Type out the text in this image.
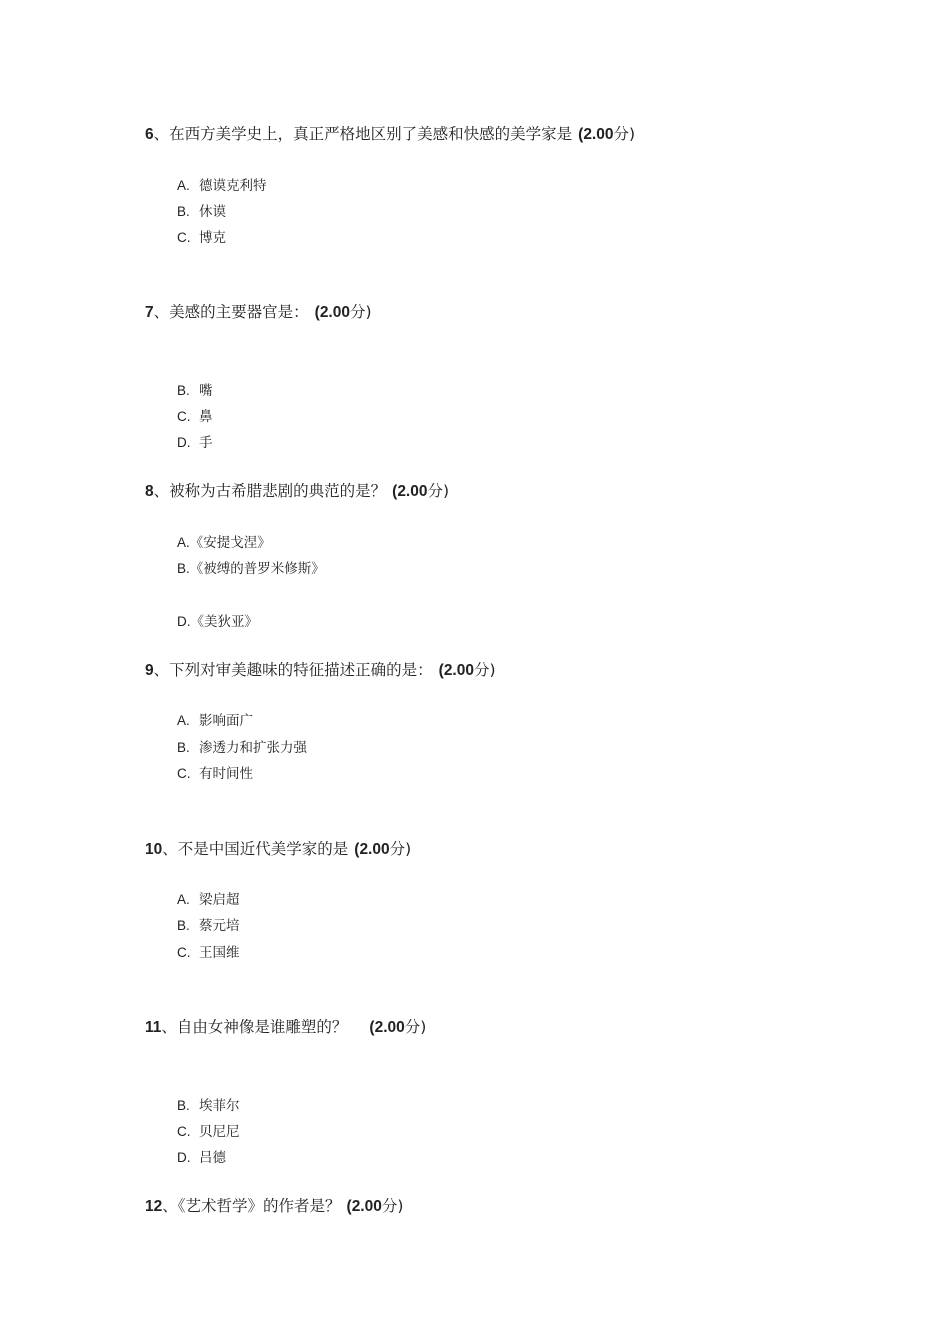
6、在西方美学史上，真正严格地区别了美感和快感的美学家是 (2.00分)
A. 德谟克利特
B. 休谟
C. 博克
7、美感的主要器官是： (2.00分)
B. 嘴
C. 鼻
D. 手
8、被称为古希腊悲剧的典范的是？ (2.00分)
A.《安提戈涅》
B.《被缚的普罗米修斯》
D.《美狄亚》
9、下列对审美趣味的特征描述正确的是： (2.00分)
A. 影响面广
B. 渗透力和扩张力强
C. 有时间性
10、不是中国近代美学家的是 (2.00分)
A. 梁启超
B. 蔡元培
C. 王国维
11、自由女神像是谁雕塑的？ (2.00分)
B. 埃菲尔
C. 贝尼尼
D. 吕德
12、《艺术哲学》的作者是？ (2.00分)
